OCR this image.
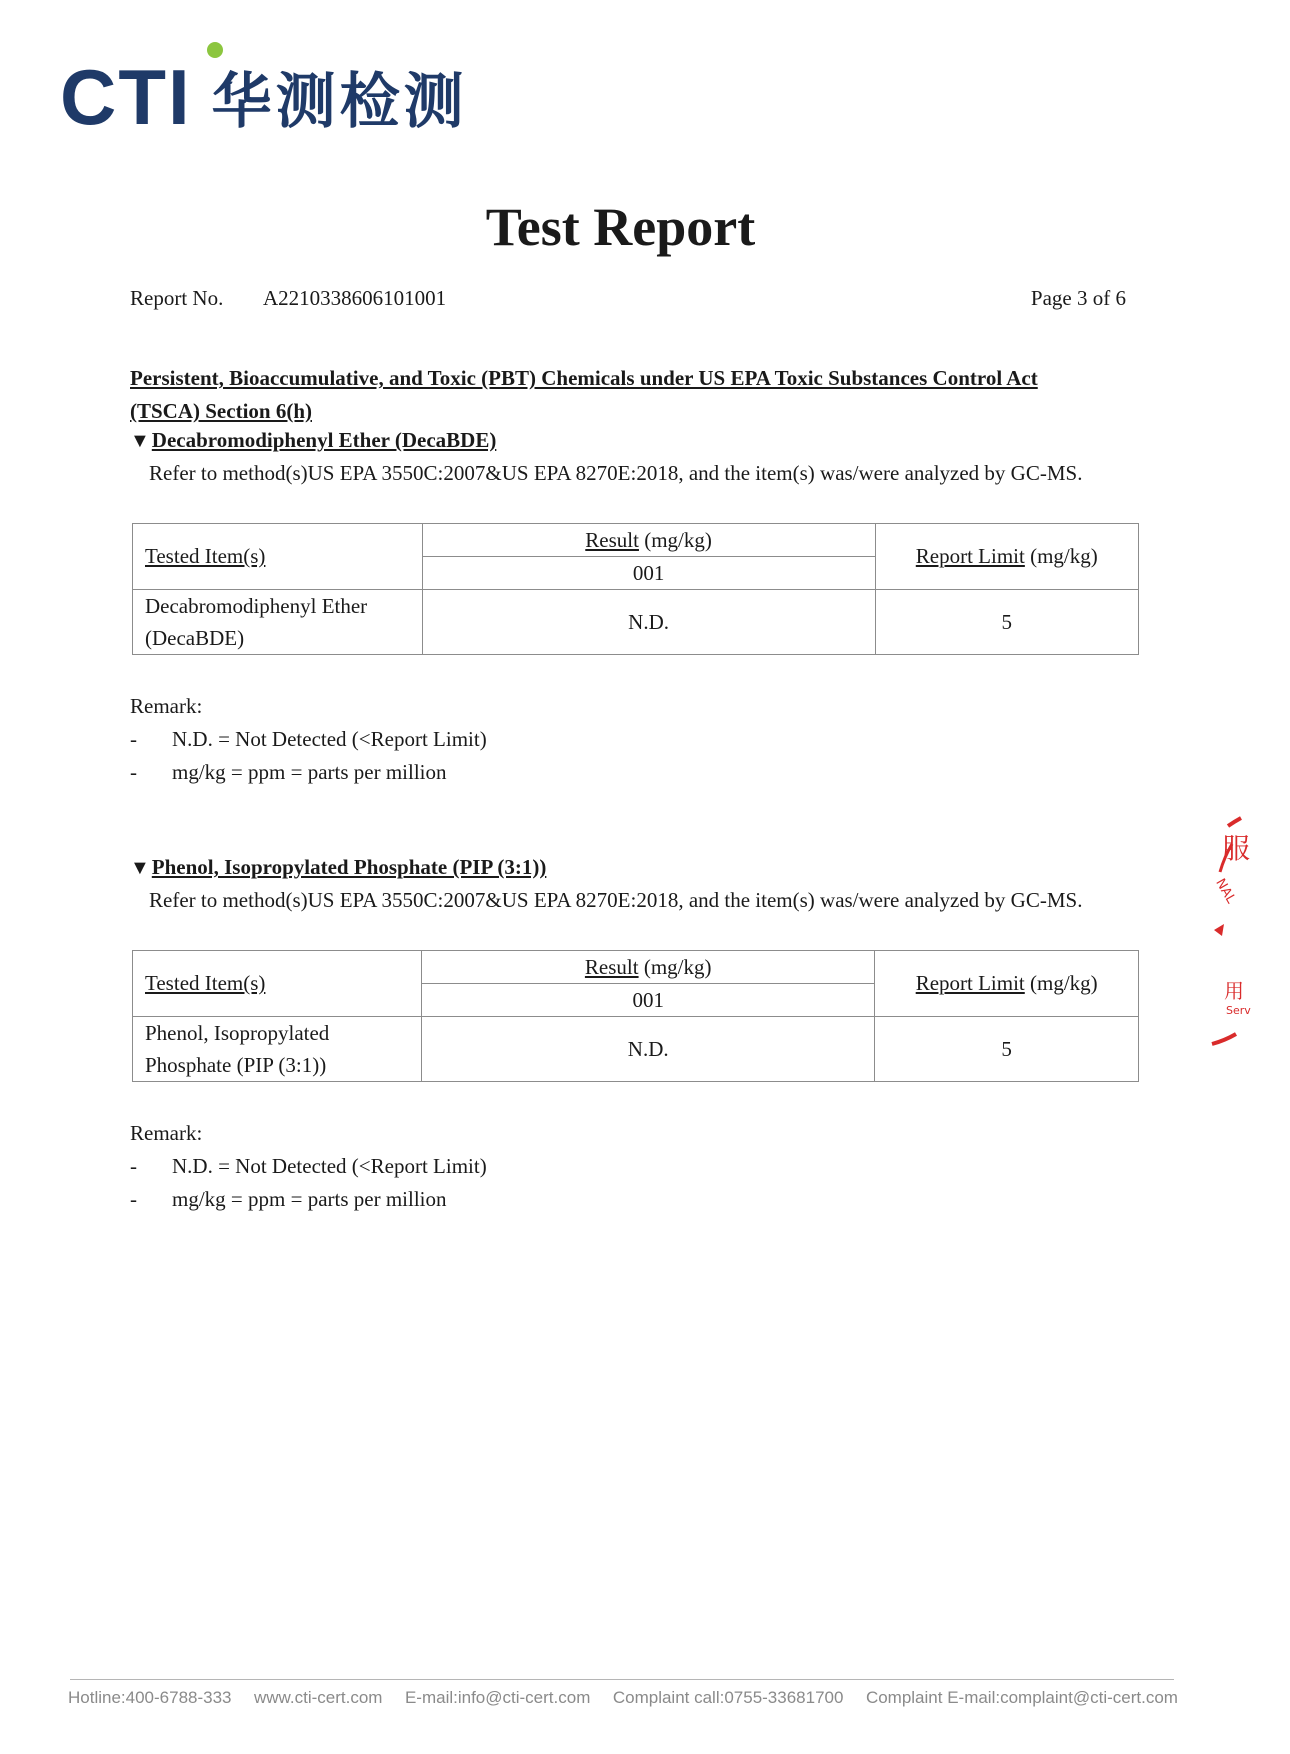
CTI 华测检测
Test Report
Report No. A2210338606101001	Page 3 of 6
Persistent, Bioaccumulative, and Toxic (PBT) Chemicals under US EPA Toxic Substances Control Act (TSCA) Section 6(h)
▼Decabromodiphenyl Ether (DecaBDE)
Refer to method(s)US EPA 3550C:2007&US EPA 8270E:2018, and the item(s) was/were analyzed by GC-MS.
Tested Item(s)	Result (mg/kg)	Report Limit (mg/kg)
	001	
Decabromodiphenyl Ether
(DecaBDE)	N.D.	5
Remark:
-	N.D. = Not Detected (<Report Limit)
-	mg/kg = ppm = parts per million
▼Phenol, Isopropylated Phosphate (PIP (3:1))
Refer to method(s)US EPA 3550C:2007&US EPA 8270E:2018, and the item(s) was/were analyzed by GC-MS.
Tested Item(s)	Result (mg/kg)	Report Limit (mg/kg)
	001	
Phenol, Isopropylated
Phosphate (PIP (3:1))	N.D.	5
Remark:
-	N.D. = Not Detected (<Report Limit)
-	mg/kg = ppm = parts per million
服
NAL
用
Serv
Hotline:400-6788-333 www.cti-cert.com E-mail:info@cti-cert.com Complaint call:0755-33681700 Complaint E-mail:complaint@cti-cert.com
